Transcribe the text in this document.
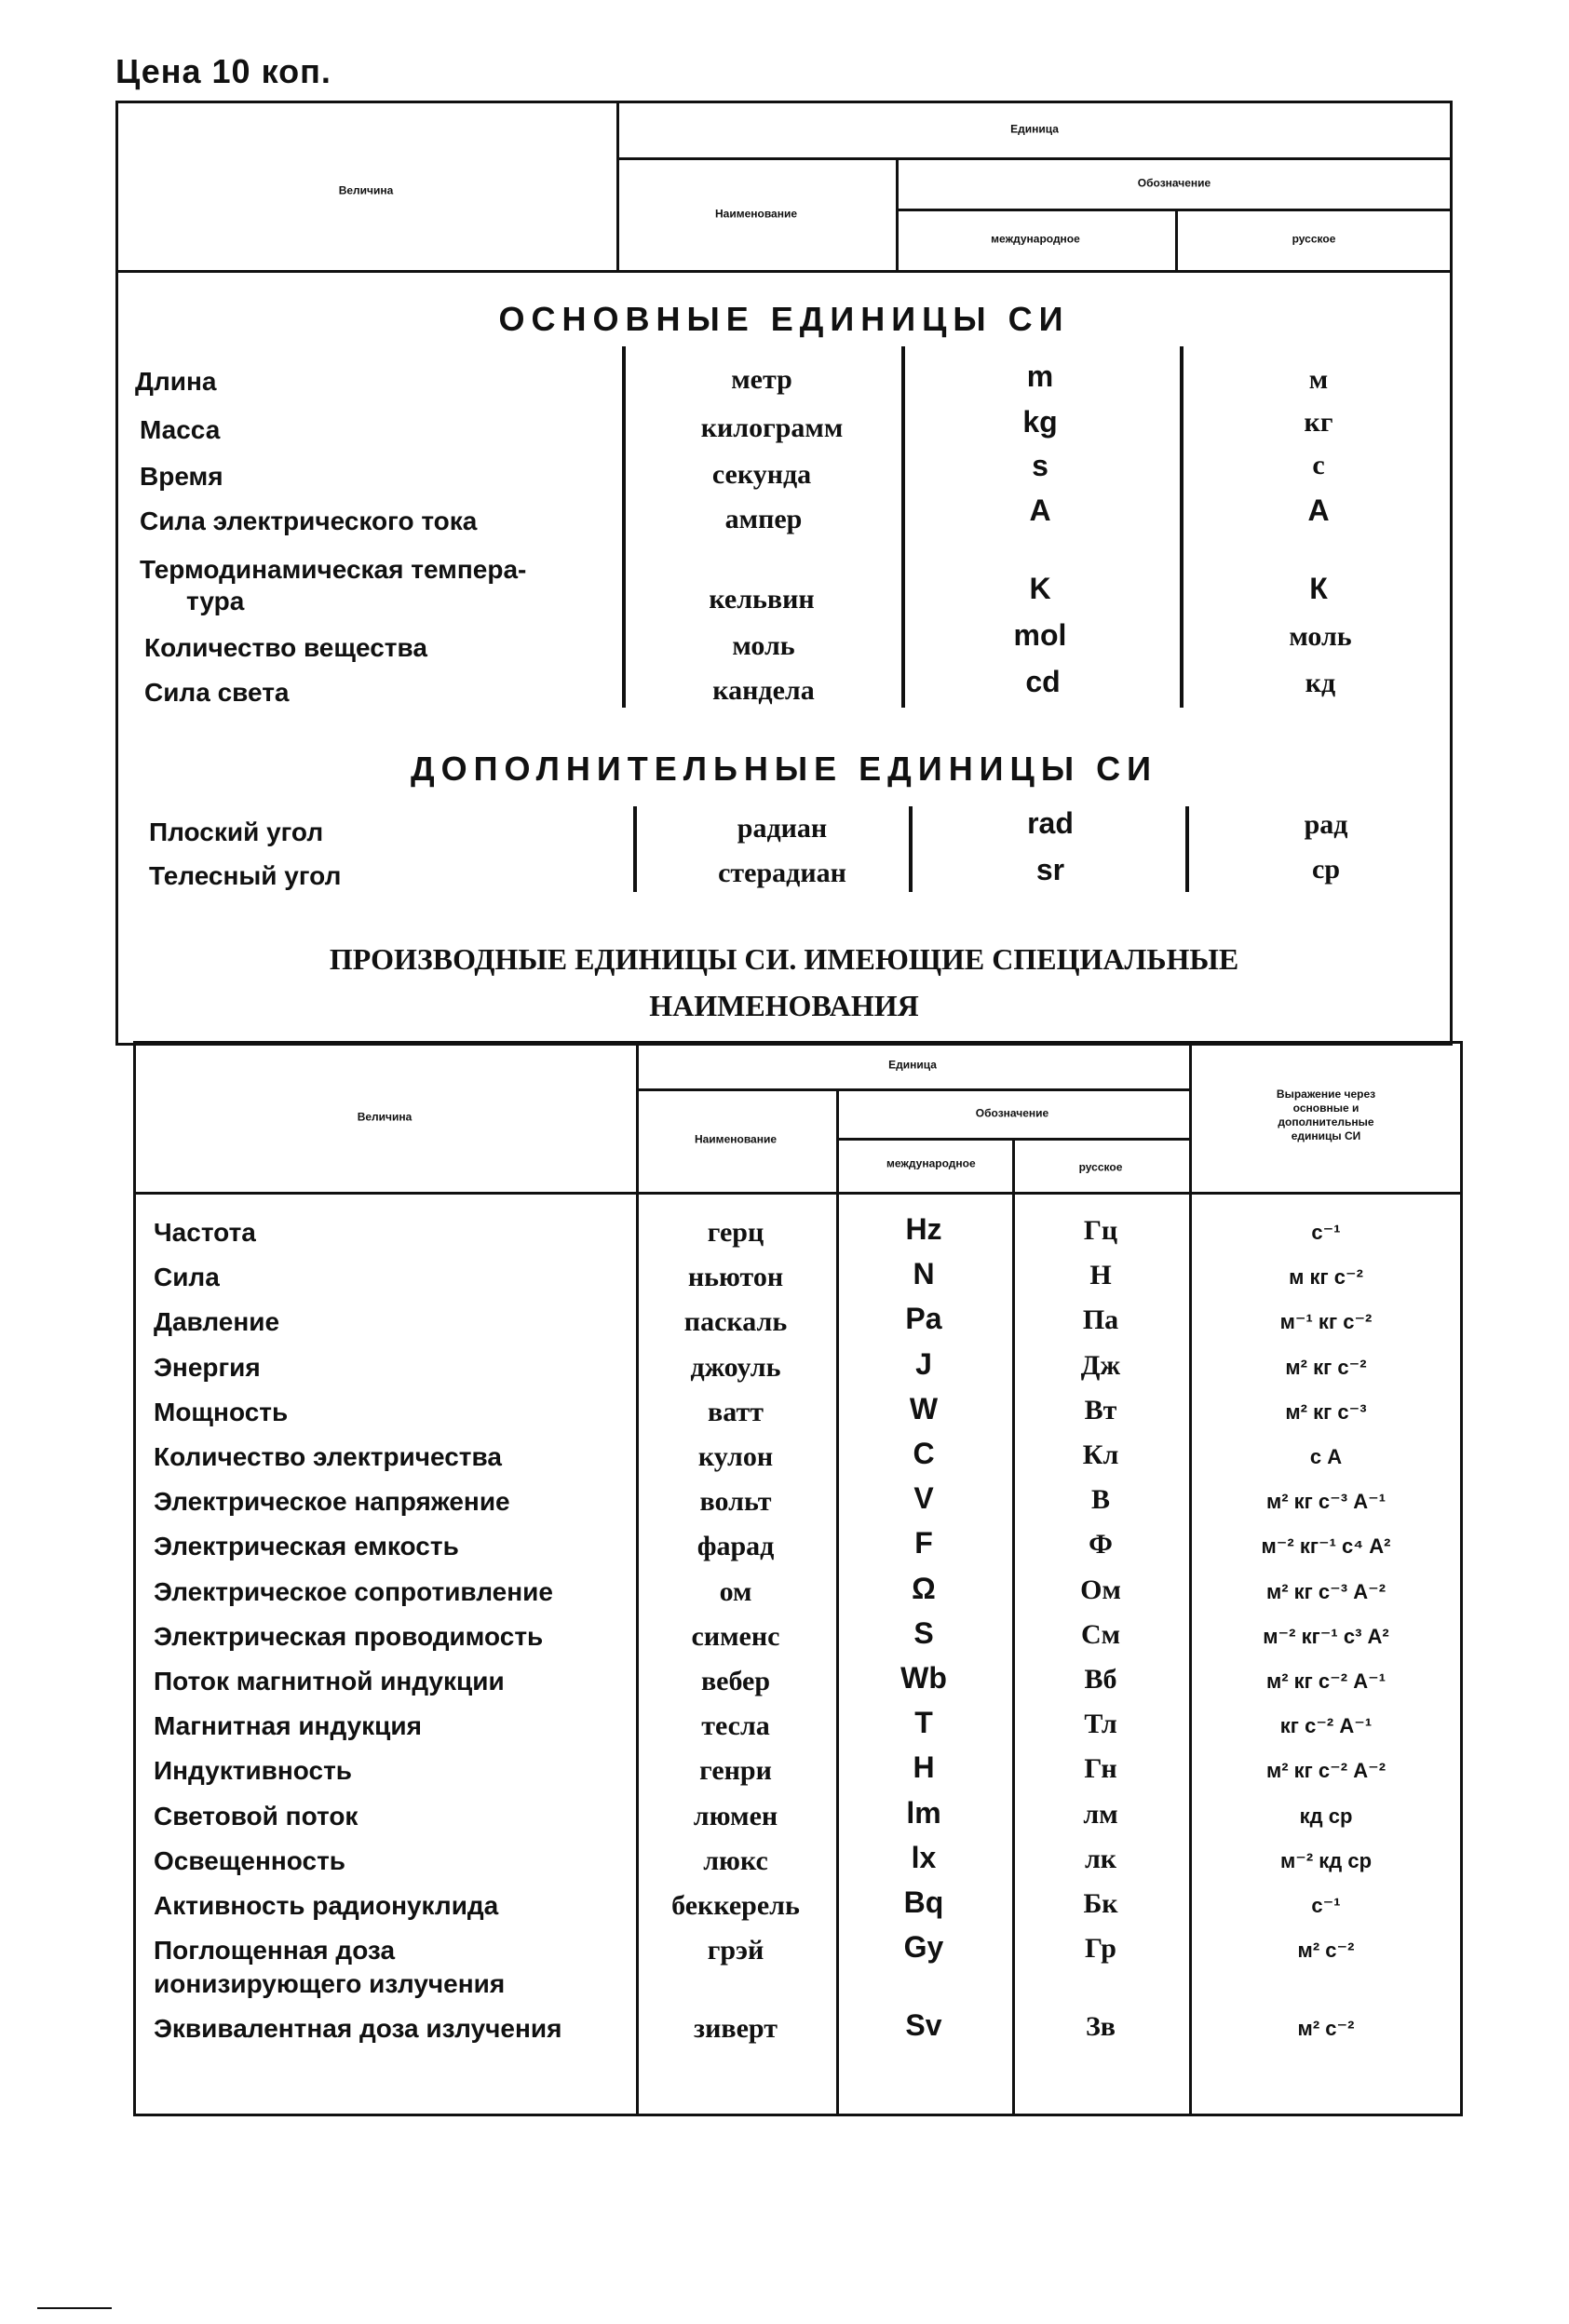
Цена 10 коп.
Величина
Единица
Наименование
Обозначение
международное	русское
ОСНОВНЫЕ ЕДИНИЦЫ СИ
Длина	метр	m	м
Масса	килограмм	kg	кг
Время	секунда	s	с
Сила электрического тока	ампер	A	А
Термодинамическая темпера-
тура	кельвин	K	К
Количество вещества	моль	mol	моль
Сила света	кандела	cd	кд
ДОПОЛНИТЕЛЬНЫЕ ЕДИНИЦЫ СИ
Плоский угол	радиан	rad	рад
Телесный угол	стерадиан	sr	ср
ПРОИЗВОДНЫЕ ЕДИНИЦЫ СИ. ИМЕЮЩИЕ СПЕЦИАЛЬНЫЕ
НАИМЕНОВАНИЯ
Величина
Единица
Наименование
Обозначение
международное	русское
Выражение через основные и дополнительные единицы СИ
Частота	герц	Hz	Гц	с⁻¹
Сила	ньютон	N	Н	м кг с⁻²
Давление	паскаль	Pa	Па	м⁻¹ кг с⁻²
Энергия	джоуль	J	Дж	м² кг с⁻²
Мощность	ватт	W	Вт	м² кг с⁻³
Количество электричества	кулон	C	Кл	с А
Электрическое напряжение	вольт	V	В	м² кг с⁻³ А⁻¹
Электрическая емкость	фарад	F	Ф	м⁻² кг⁻¹ с⁴ А²
Электрическое сопротивление	ом	Ω	Ом	м² кг с⁻³ А⁻²
Электрическая проводимость	сименс	S	См	м⁻² кг⁻¹ с³ А²
Поток магнитной индукции	вебер	Wb	Вб	м² кг с⁻² А⁻¹
Магнитная индукция	тесла	T	Тл	кг с⁻² А⁻¹
Индуктивность	генри	H	Гн	м² кг с⁻² А⁻²
Световой поток	люмен	lm	лм	кд ср
Освещенность	люкс	lx	лк	м⁻² кд ср
Активность радионуклида	беккерель	Bq	Бк	с⁻¹
Поглощенная доза
ионизирующего излучения
грэй	Gy	Гр	м² с⁻²
Эквивалентная доза излучения	зиверт	Sv	Зв	м² с⁻²
